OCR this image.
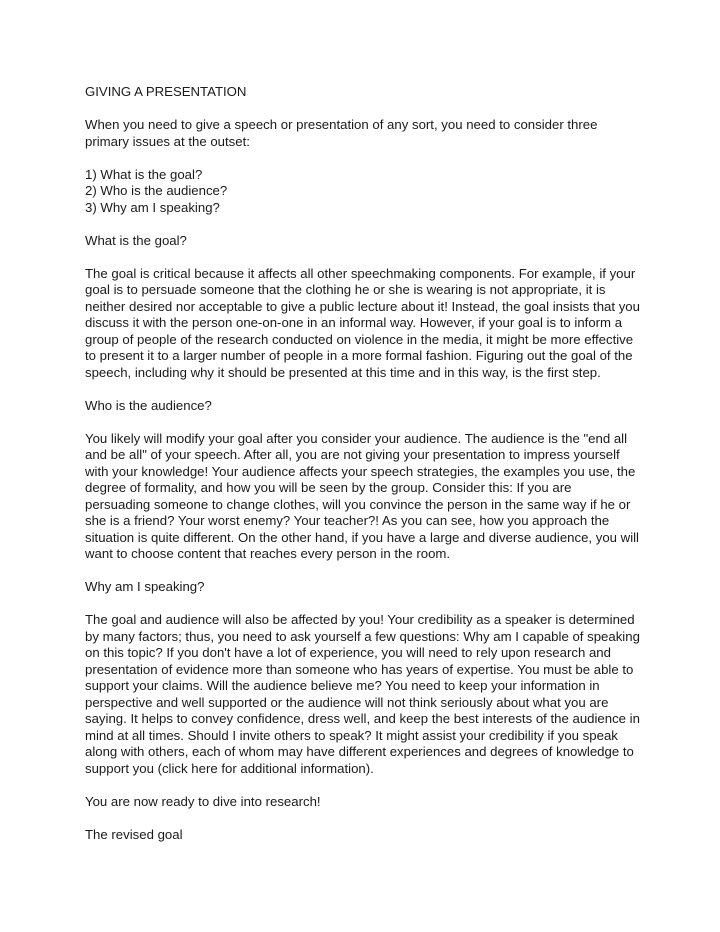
GIVING A PRESENTATION
When you need to give a speech or presentation of any sort, you need to consider three primary issues at the outset:
1) What is the goal?
2) Who is the audience?
3) Why am I speaking?
What is the goal?
The goal is critical because it affects all other speechmaking components. For example, if your goal is to persuade someone that the clothing he or she is wearing is not appropriate, it is neither desired nor acceptable to give a public lecture about it! Instead, the goal insists that you discuss it with the person one-on-one in an informal way. However, if your goal is to inform a group of people of the research conducted on violence in the media, it might be more effective to present it to a larger number of people in a more formal fashion. Figuring out the goal of the speech, including why it should be presented at this time and in this way, is the first step.
Who is the audience?
You likely will modify your goal after you consider your audience. The audience is the "end all and be all" of your speech. After all, you are not giving your presentation to impress yourself with your knowledge! Your audience affects your speech strategies, the examples you use, the degree of formality, and how you will be seen by the group. Consider this: If you are persuading someone to change clothes, will you convince the person in the same way if he or she is a friend? Your worst enemy? Your teacher?! As you can see, how you approach the situation is quite different. On the other hand, if you have a large and diverse audience, you will want to choose content that reaches every person in the room.
Why am I speaking?
The goal and audience will also be affected by you! Your credibility as a speaker is determined by many factors; thus, you need to ask yourself a few questions: Why am I capable of speaking on this topic? If you don't have a lot of experience, you will need to rely upon research and presentation of evidence more than someone who has years of expertise. You must be able to support your claims. Will the audience believe me? You need to keep your information in perspective and well supported or the audience will not think seriously about what you are saying. It helps to convey confidence, dress well, and keep the best interests of the audience in mind at all times. Should I invite others to speak? It might assist your credibility if you speak along with others, each of whom may have different experiences and degrees of knowledge to support you (click here for additional information).
You are now ready to dive into research!
The revised goal
